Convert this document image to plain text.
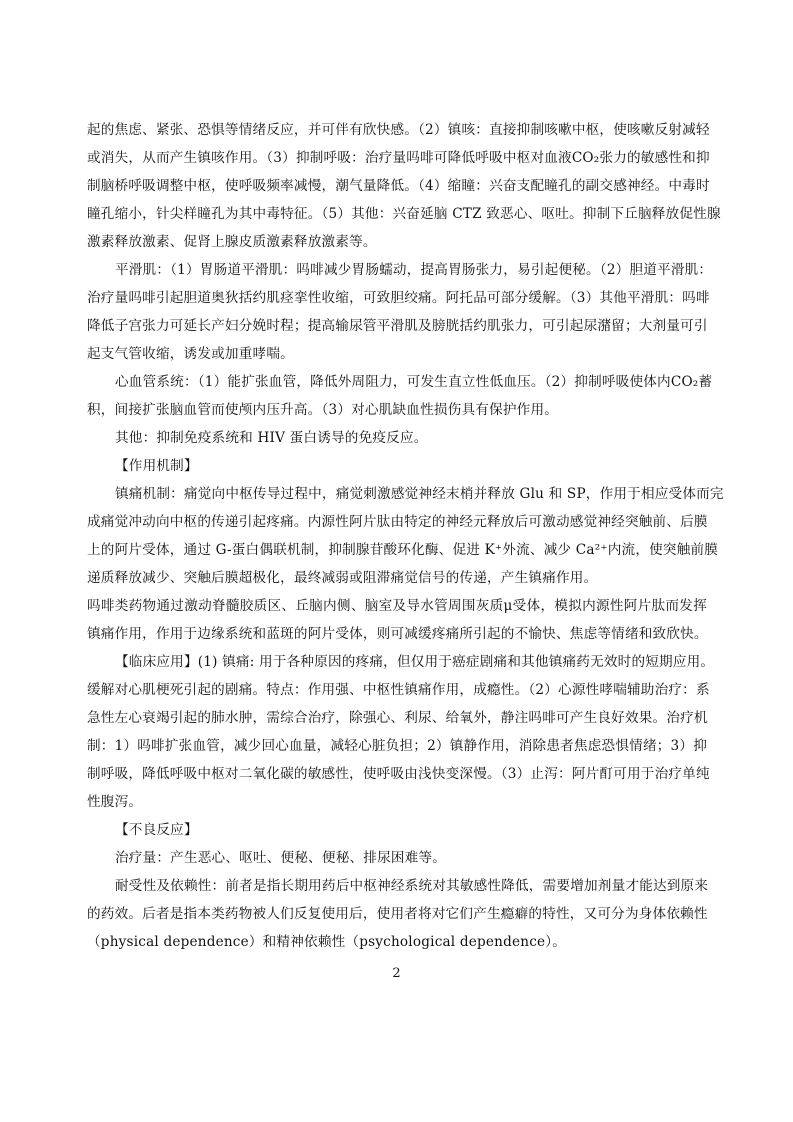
起的焦虑、紧张、恐惧等情绪反应，并可伴有欣快感。（2）镇咳：直接抑制咳嗽中枢，使咳嗽反射减轻
或消失，从而产生镇咳作用。（3）抑制呼吸：治疗量吗啡可降低呼吸中枢对血液CO₂张力的敏感性和抑
制脑桥呼吸调整中枢，使呼吸频率减慢，潮气量降低。（4）缩瞳：兴奋支配瞳孔的副交感神经。中毒时
瞳孔缩小，针尖样瞳孔为其中毒特征。（5）其他：兴奋延脑 CTZ 致恶心、呕吐。抑制下丘脑释放促性腺
激素释放激素、促肾上腺皮质激素释放激素等。
平滑肌：（1）胃肠道平滑肌：吗啡减少胃肠蠕动，提高胃肠张力，易引起便秘。（2）胆道平滑肌：
治疗量吗啡引起胆道奥狄括约肌痉挛性收缩，可致胆绞痛。阿托品可部分缓解。（3）其他平滑肌：吗啡
降低子宫张力可延长产妇分娩时程；提高输尿管平滑肌及膀胱括约肌张力，可引起尿潴留；大剂量可引
起支气管收缩，诱发或加重哮喘。
心血管系统：（1）能扩张血管，降低外周阻力，可发生直立性低血压。（2）抑制呼吸使体内CO₂蓄
积，间接扩张脑血管而使颅内压升高。（3）对心肌缺血性损伤具有保护作用。
其他：抑制免疫系统和 HIV 蛋白诱导的免疫反应。
【作用机制】
镇痛机制：痛觉向中枢传导过程中，痛觉刺激感觉神经末梢并释放 Glu 和 SP，作用于相应受体而完
成痛觉冲动向中枢的传递引起疼痛。内源性阿片肽由特定的神经元释放后可激动感觉神经突触前、后膜
上的阿片受体，通过 G-蛋白偶联机制，抑制腺苷酸环化酶、促进 K⁺外流、减少 Ca²⁺内流，使突触前膜
递质释放减少、突触后膜超极化，最终减弱或阻滞痛觉信号的传递，产生镇痛作用。
吗啡类药物通过激动脊髓胶质区、丘脑内侧、脑室及导水管周围灰质μ受体，模拟内源性阿片肽而发挥
镇痛作用，作用于边缘系统和蓝斑的阿片受体，则可减缓疼痛所引起的不愉快、焦虑等情绪和致欣快。
【临床应用】(1) 镇痛: 用于各种原因的疼痛，但仅用于癌症剧痛和其他镇痛药无效时的短期应用。
缓解对心肌梗死引起的剧痛。特点：作用强、中枢性镇痛作用，成瘾性。（2）心源性哮喘辅助治疗：系
急性左心衰竭引起的肺水肿，需综合治疗，除强心、利尿、给氧外，静注吗啡可产生良好效果。治疗机
制：1）吗啡扩张血管，减少回心血量，减轻心脏负担；2）镇静作用，消除患者焦虑恐惧情绪；3）抑
制呼吸，降低呼吸中枢对二氧化碳的敏感性，使呼吸由浅快变深慢。（3）止泻：阿片酊可用于治疗单纯
性腹泻。
【不良反应】
治疗量：产生恶心、呕吐、便秘、便秘、排尿困难等。
耐受性及依赖性：前者是指长期用药后中枢神经系统对其敏感性降低，需要增加剂量才能达到原来
的药效。后者是指本类药物被人们反复使用后，使用者将对它们产生瘾癖的特性，又可分为身体依赖性
（physical dependence）和精神依赖性（psychological dependence）。
2
